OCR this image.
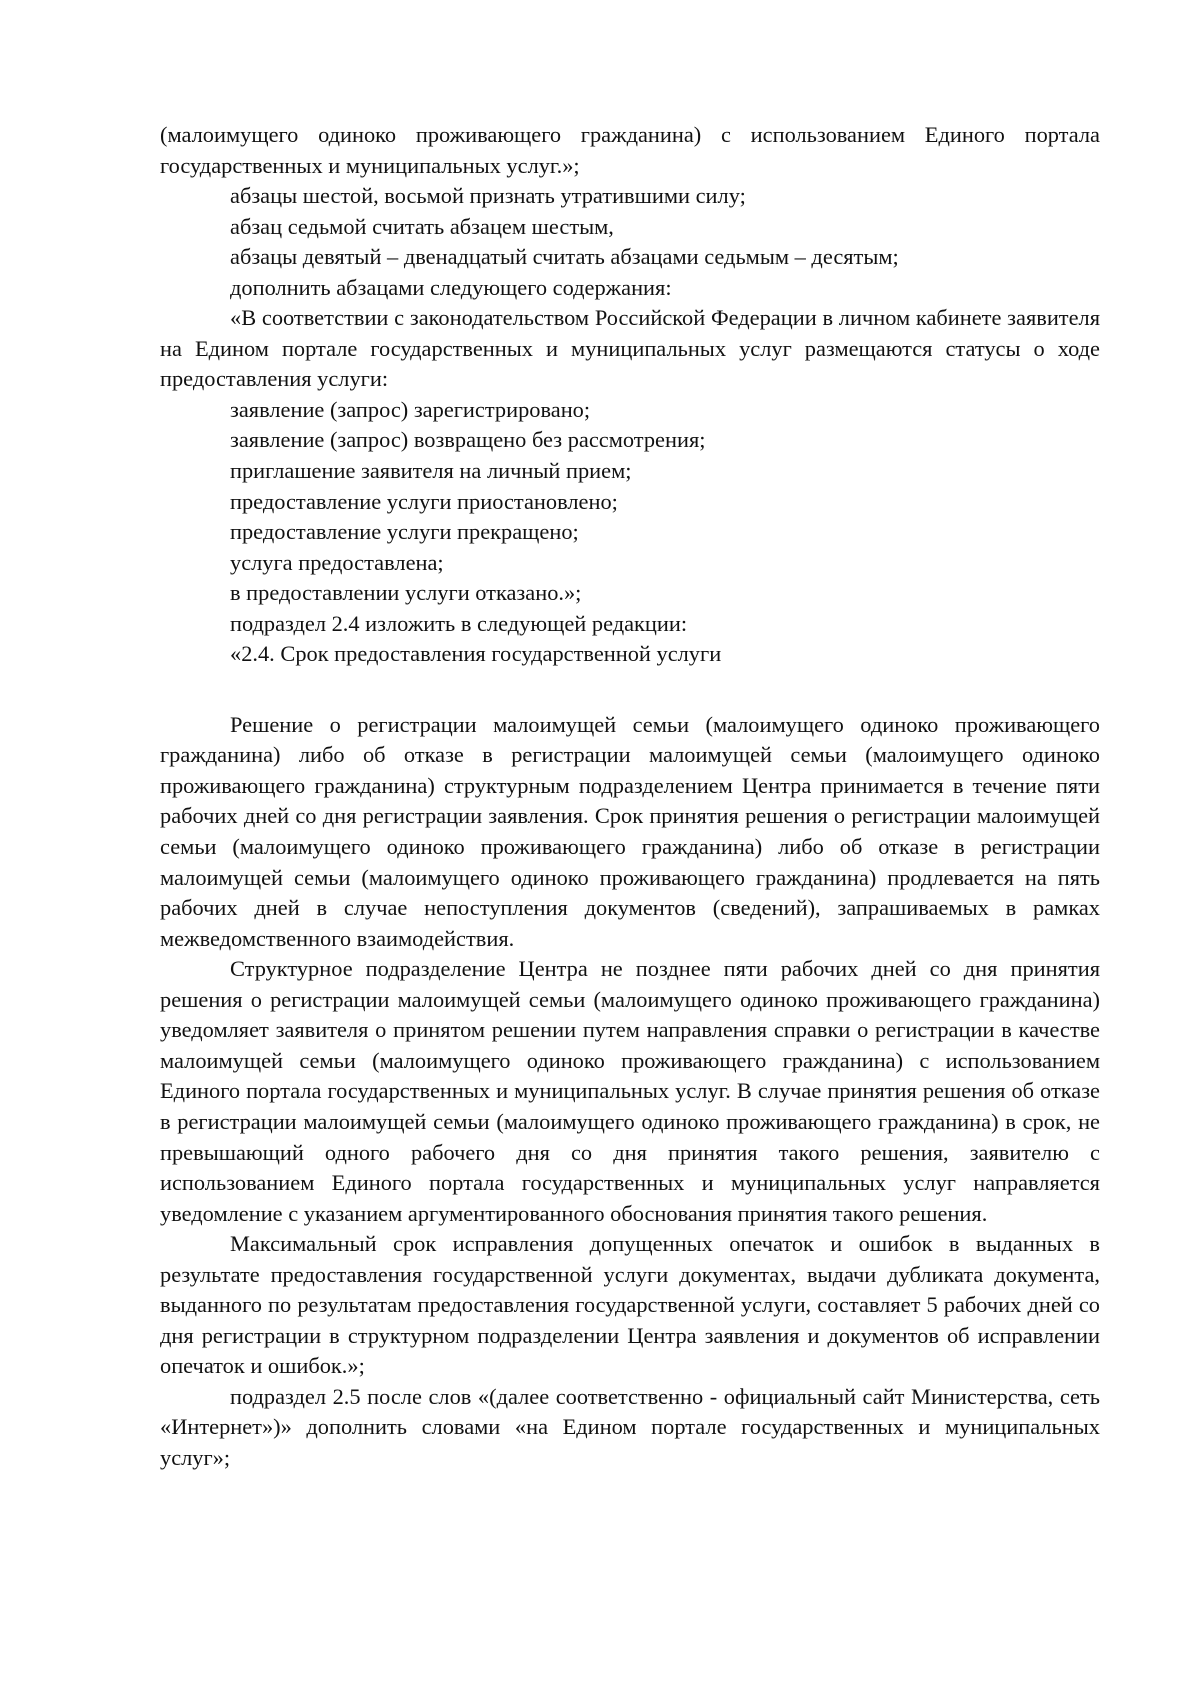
(малоимущего одиноко проживающего гражданина) с использованием Единого портала государственных и муниципальных услуг.»;

абзацы шестой, восьмой признать утратившими силу;

абзац седьмой считать абзацем шестым,

абзацы девятый – двенадцатый считать абзацами седьмым – десятым;

дополнить абзацами следующего содержания:

«В соответствии с законодательством Российской Федерации в личном кабинете заявителя на Едином портале государственных и муниципальных услуг размещаются статусы о ходе предоставления услуги:

заявление (запрос) зарегистрировано;

заявление (запрос) возвращено без рассмотрения;

приглашение заявителя на личный прием;

предоставление услуги приостановлено;

предоставление услуги прекращено;

услуга предоставлена;

в предоставлении услуги отказано.»;

подраздел 2.4 изложить в следующей редакции:

«2.4. Срок предоставления государственной услуги

Решение о регистрации малоимущей семьи (малоимущего одиноко проживающего гражданина) либо об отказе в регистрации малоимущей семьи (малоимущего одиноко проживающего гражданина) структурным подразделением Центра принимается в течение пяти рабочих дней со дня регистрации заявления. Срок принятия решения о регистрации малоимущей семьи (малоимущего одиноко проживающего гражданина) либо об отказе в регистрации малоимущей семьи (малоимущего одиноко проживающего гражданина) продлевается на пять рабочих дней в случае непоступления документов (сведений), запрашиваемых в рамках межведомственного взаимодействия.

Структурное подразделение Центра не позднее пяти рабочих дней со дня принятия решения о регистрации малоимущей семьи (малоимущего одиноко проживающего гражданина) уведомляет заявителя о принятом решении путем направления справки о регистрации в качестве малоимущей семьи (малоимущего одиноко проживающего гражданина) с использованием Единого портала государственных и муниципальных услуг. В случае принятия решения об отказе в регистрации малоимущей семьи (малоимущего одиноко проживающего гражданина) в срок, не превышающий одного рабочего дня со дня принятия такого решения, заявителю с использованием Единого портала государственных и муниципальных услуг направляется уведомление с указанием аргументированного обоснования принятия такого решения.

Максимальный срок исправления допущенных опечаток и ошибок в выданных в результате предоставления государственной услуги документах, выдачи дубликата документа, выданного по результатам предоставления государственной услуги, составляет 5 рабочих дней со дня регистрации в структурном подразделении Центра заявления и документов об исправлении опечаток и ошибок.»;

подраздел 2.5 после слов «(далее соответственно - официальный сайт Министерства, сеть «Интернет»)» дополнить словами «на Едином портале государственных и муниципальных услуг»;
